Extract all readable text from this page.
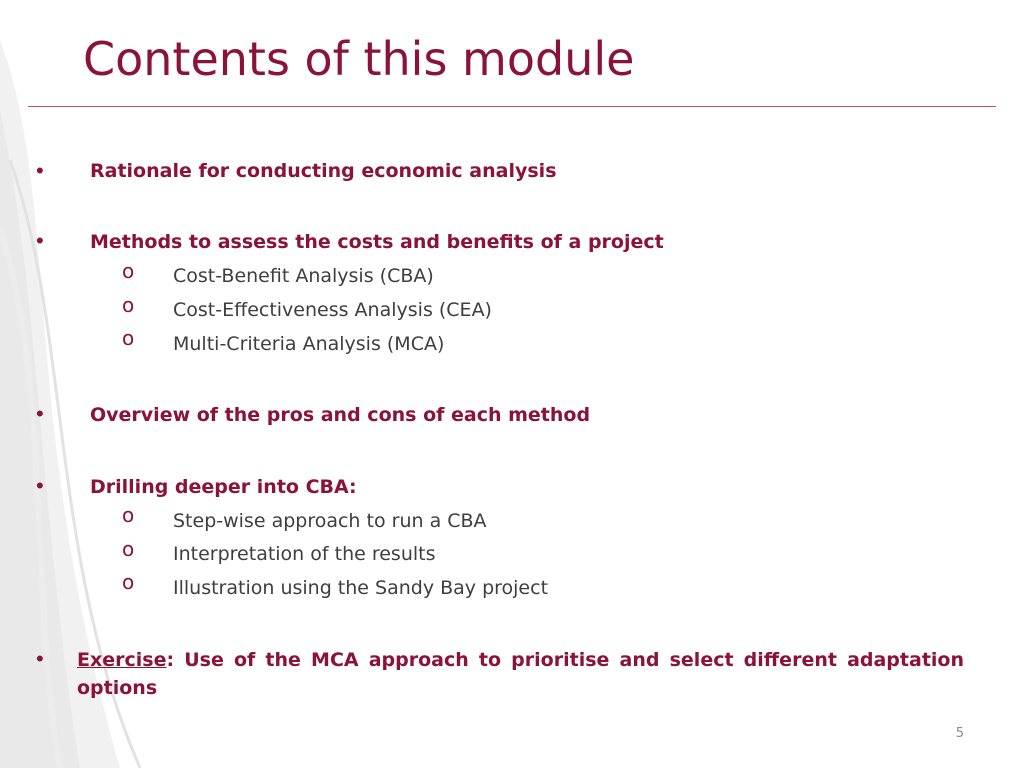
Contents of this module
• Rationale for conducting economic analysis
• Methods to assess the costs and benefits of a project
o Cost-Benefit Analysis (CBA)
o Cost-Effectiveness Analysis (CEA)
o Multi-Criteria Analysis (MCA)
• Overview of the pros and cons of each method
• Drilling deeper into CBA:
o Step-wise approach to run a CBA
o Interpretation of the results
o Illustration using the Sandy Bay project
• Exercise: Use of the MCA approach to prioritise and select different adaptation options

5
